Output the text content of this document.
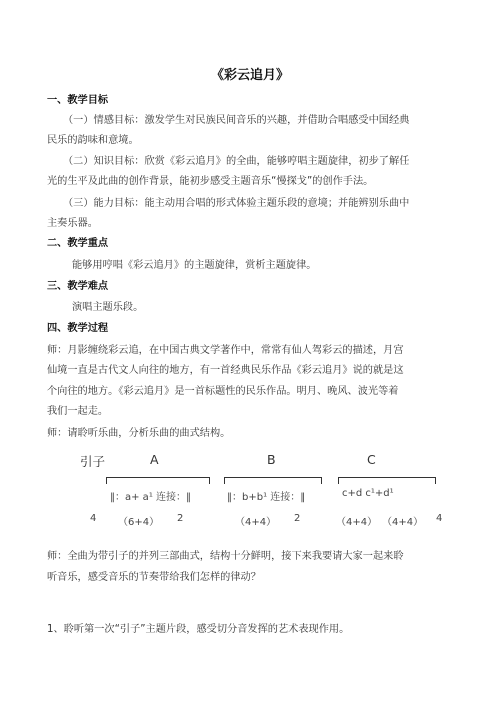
《彩云追月》
一、教学目标
（一）情感目标：激发学生对民族民间音乐的兴趣，并借助合唱感受中国经典
民乐的韵味和意境。
（二）知识目标：欣赏《彩云追月》的全曲，能够哼唱主题旋律，初步了解任
光的生平及此曲的创作背景，能初步感受主题音乐“慢探戈”的创作手法。
（三）能力目标：能主动用合唱的形式体验主题乐段的意境；并能辨别乐曲中
主奏乐器。
二、教学重点
能够用哼唱《彩云追月》的主题旋律，赏析主题旋律。
三、教学难点
演唱主题乐段。
四、教学过程
师：月影缠绕彩云追，在中国古典文学著作中，常常有仙人驾彩云的描述，月宫
仙境一直是古代文人向往的地方，有一首经典民乐作品《彩云追月》说的就是这
个向往的地方。《彩云追月》是一首标题性的民乐作品。明月、晚风、波光等着
我们一起走。
师：请聆听乐曲，分析乐曲的曲式结构。
引子	A	B	C
‖：a+ a¹ 连接：‖	‖：b+b¹ 连接：‖	c+d c¹+d¹
4 （6+4） 2	（4+4） 2	（4+4） （4+4） 4
师：全曲为带引子的并列三部曲式，结构十分鲜明，接下来我要请大家一起来聆
听音乐，感受音乐的节奏带给我们怎样的律动？
1、聆听第一次“引子”主题片段，感受切分音发挥的艺术表现作用。
